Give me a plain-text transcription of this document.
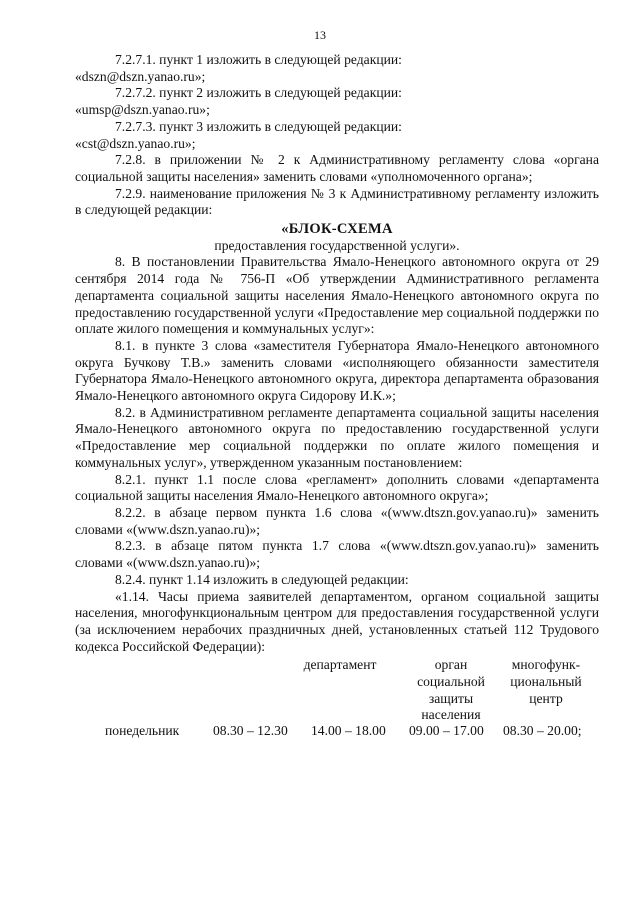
13

7.2.7.1. пункт 1 изложить в следующей редакции:

«dszn@dszn.yanao.ru»;

7.2.7.2. пункт 2 изложить в следующей редакции:

«umsp@dszn.yanao.ru»;

7.2.7.3. пункт 3 изложить в следующей редакции:

«cst@dszn.yanao.ru»;

7.2.8. в приложении № 2 к Административному регламенту слова «органа социальной защиты населения» заменить словами «уполномоченного органа»;

7.2.9. наименование приложения № 3 к Административному регламенту изложить в следующей редакции:

«БЛОК-СХЕМА
предоставления государственной услуги».

8. В постановлении Правительства Ямало-Ненецкого автономного округа от 29 сентября 2014 года № 756-П «Об утверждении Административного регламента департамента социальной защиты населения Ямало-Ненецкого автономного округа по предоставлению государственной услуги «Предоставление мер социальной поддержки по оплате жилого помещения и коммунальных услуг»:

8.1. в пункте 3 слова «заместителя Губернатора Ямало-Ненецкого автономного округа Бучкову Т.В.» заменить словами «исполняющего обязанности заместителя Губернатора Ямало-Ненецкого автономного округа, директора департамента образования Ямало-Ненецкого автономного округа Сидорову И.К.»;

8.2. в Административном регламенте департамента социальной защиты населения Ямало-Ненецкого автономного округа по предоставлению государственной услуги «Предоставление мер социальной поддержки по оплате жилого помещения и коммунальных услуг», утвержденном указанным постановлением:

8.2.1. пункт 1.1 после слова «регламент» дополнить словами «департамента социальной защиты населения Ямало-Ненецкого автономного округа»;

8.2.2. в абзаце первом пункта 1.6 слова «(www.dtszn.gov.yanao.ru)» заменить словами «(www.dszn.yanao.ru)»;

8.2.3. в абзаце пятом пункта 1.7 слова «(www.dtszn.gov.yanao.ru)» заменить словами «(www.dszn.yanao.ru)»;

8.2.4. пункт 1.14 изложить в следующей редакции:

«1.14. Часы приема заявителей департаментом, органом социальной защиты населения, многофункциональным центром для предоставления государственной услуги (за исключением нерабочих праздничных дней, установленных статьей 112 Трудового кодекса Российской Федерации):

департамент	орган социальной защиты населения
многофунк-циональный центр
понедельник 08.30 – 12.30 14.00 – 18.00 09.00 – 17.00 08.30 – 20.00;
